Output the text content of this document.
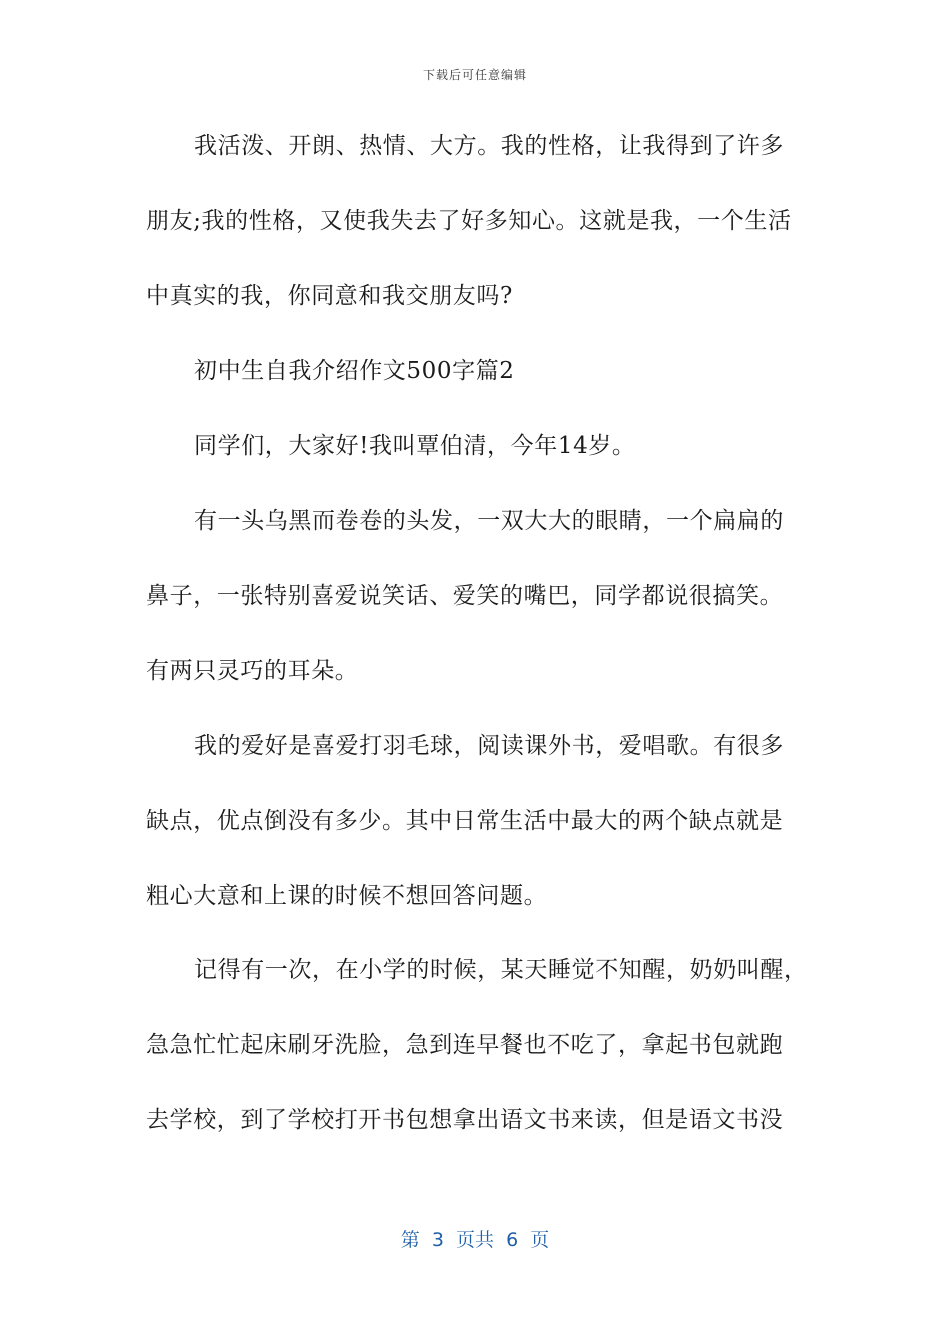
下载后可任意编辑
我活泼、开朗、热情、大方。我的性格，让我得到了许多
朋友;我的性格，又使我失去了好多知心。这就是我，一个生活
中真实的我，你同意和我交朋友吗?
初中生自我介绍作文500字篇2
同学们，大家好!我叫覃伯清，今年14岁。
有一头乌黑而卷卷的头发，一双大大的眼睛，一个扁扁的
鼻子，一张特别喜爱说笑话、爱笑的嘴巴，同学都说很搞笑。
有两只灵巧的耳朵。
我的爱好是喜爱打羽毛球，阅读课外书，爱唱歌。有很多
缺点，优点倒没有多少。其中日常生活中最大的两个缺点就是
粗心大意和上课的时候不想回答问题。
记得有一次，在小学的时候，某天睡觉不知醒，奶奶叫醒，
急急忙忙起床刷牙洗脸，急到连早餐也不吃了，拿起书包就跑
去学校，到了学校打开书包想拿出语文书来读，但是语文书没
第  3  页共  6  页
